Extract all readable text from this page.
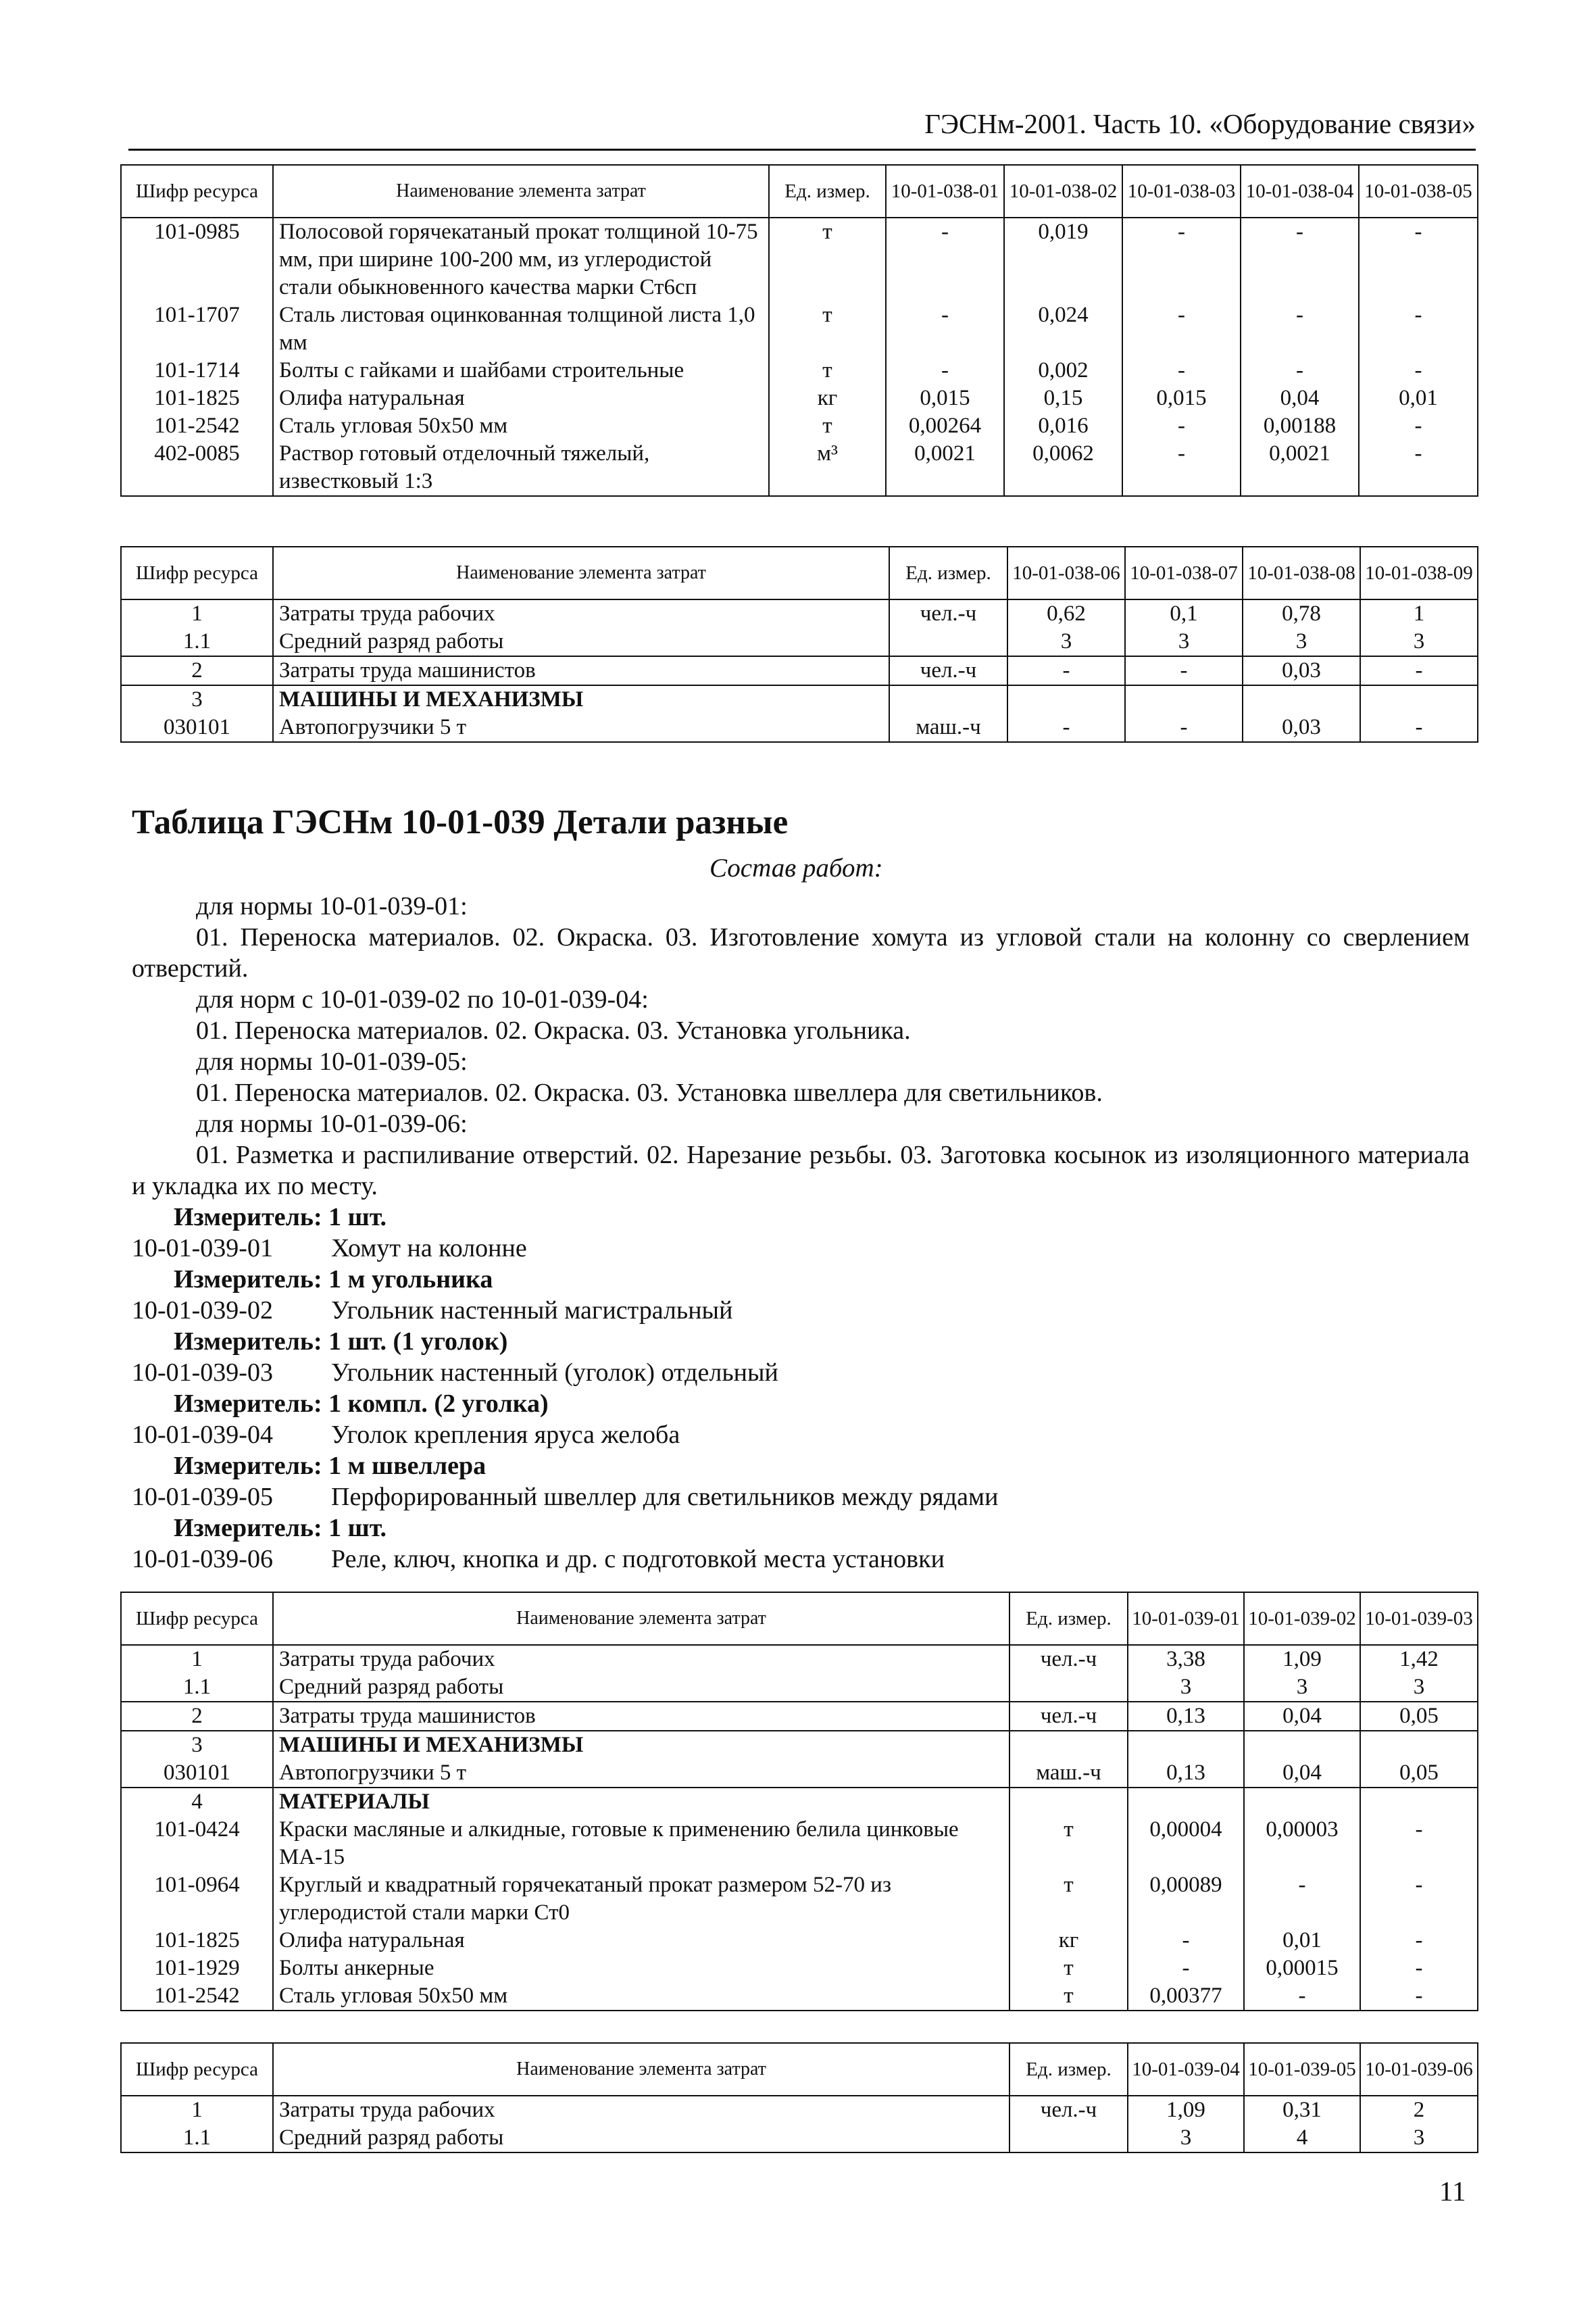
ГЭСНм-2001. Часть 10. «Оборудование связи»
Шифр ресурса	Наименование элемента затрат	Ед. измер.	10-01-038-01	10-01-038-02	10-01-038-03	10-01-038-04	10-01-038-05
101-0985	Полосовой горячекатаный прокат толщиной 10-75 мм, при ширине 100-200 мм, из углеродистой стали обыкновенного качества марки Ст6сп	т	-	0,019	-	-	-
101-1707	Сталь листовая оцинкованная толщиной листа 1,0 мм	т	-	0,024	-	-	-
101-1714	Болты с гайками и шайбами строительные	т	-	0,002	-	-	-
101-1825	Олифа натуральная	кг	0,015	0,15	0,015	0,04	0,01
101-2542	Сталь угловая 50х50 мм	т	0,00264	0,016	-	0,00188	-
402-0085	Раствор готовый отделочный тяжелый, известковый 1:3	м³	0,0021	0,0062	-	0,0021	-
Шифр ресурса	Наименование элемента затрат	Ед. измер.	10-01-038-06	10-01-038-07	10-01-038-08	10-01-038-09
1	Затраты труда рабочих	чел.-ч	0,62	0,1	0,78	1
1.1	Средний разряд работы		3	3	3	3
2	Затраты труда машинистов	чел.-ч	-	-	0,03	-
3	МАШИНЫ И МЕХАНИЗМЫ					
030101	Автопогрузчики 5 т	маш.-ч	-	-	0,03	-
Таблица ГЭСНм 10-01-039 Детали разные
Состав работ:
для нормы 10-01-039-01:
01. Переноска материалов. 02. Окраска. 03. Изготовление хомута из угловой стали на колонну со сверлением отверстий.
для норм с 10-01-039-02 по 10-01-039-04:
01. Переноска материалов. 02. Окраска. 03. Установка угольника.
для нормы 10-01-039-05:
01. Переноска материалов. 02. Окраска. 03. Установка швеллера для светильников.
для нормы 10-01-039-06:
01. Разметка и распиливание отверстий. 02. Нарезание резьбы. 03. Заготовка косынок из изоляционного материала и укладка их по месту.
Измеритель: 1 шт.
10-01-039-01 Хомут на колонне
Измеритель: 1 м угольника
10-01-039-02 Угольник настенный магистральный
Измеритель: 1 шт. (1 уголок)
10-01-039-03 Угольник настенный (уголок) отдельный
Измеритель: 1 компл. (2 уголка)
10-01-039-04 Уголок крепления яруса желоба
Измеритель: 1 м швеллера
10-01-039-05 Перфорированный швеллер для светильников между рядами
Измеритель: 1 шт.
10-01-039-06 Реле, ключ, кнопка и др. с подготовкой места установки
Шифр ресурса	Наименование элемента затрат	Ед. измер.	10-01-039-01	10-01-039-02	10-01-039-03
1	Затраты труда рабочих	чел.-ч	3,38	1,09	1,42
1.1	Средний разряд работы		3	3	3
2	Затраты труда машинистов	чел.-ч	0,13	0,04	0,05
3	МАШИНЫ И МЕХАНИЗМЫ				
030101	Автопогрузчики 5 т	маш.-ч	0,13	0,04	0,05
4	МАТЕРИАЛЫ				
101-0424	Краски масляные и алкидные, готовые к применению белила цинковые МА-15	т	0,00004	0,00003	-
101-0964	Круглый и квадратный горячекатаный прокат размером 52-70 из углеродистой стали марки Ст0	т	0,00089	-	-
101-1825	Олифа натуральная	кг	-	0,01	-
101-1929	Болты анкерные	т	-	0,00015	-
101-2542	Сталь угловая 50х50 мм	т	0,00377	-	-
Шифр ресурса	Наименование элемента затрат	Ед. измер.	10-01-039-04	10-01-039-05	10-01-039-06
1	Затраты труда рабочих	чел.-ч	1,09	0,31	2
1.1	Средний разряд работы		3	4	3
11
